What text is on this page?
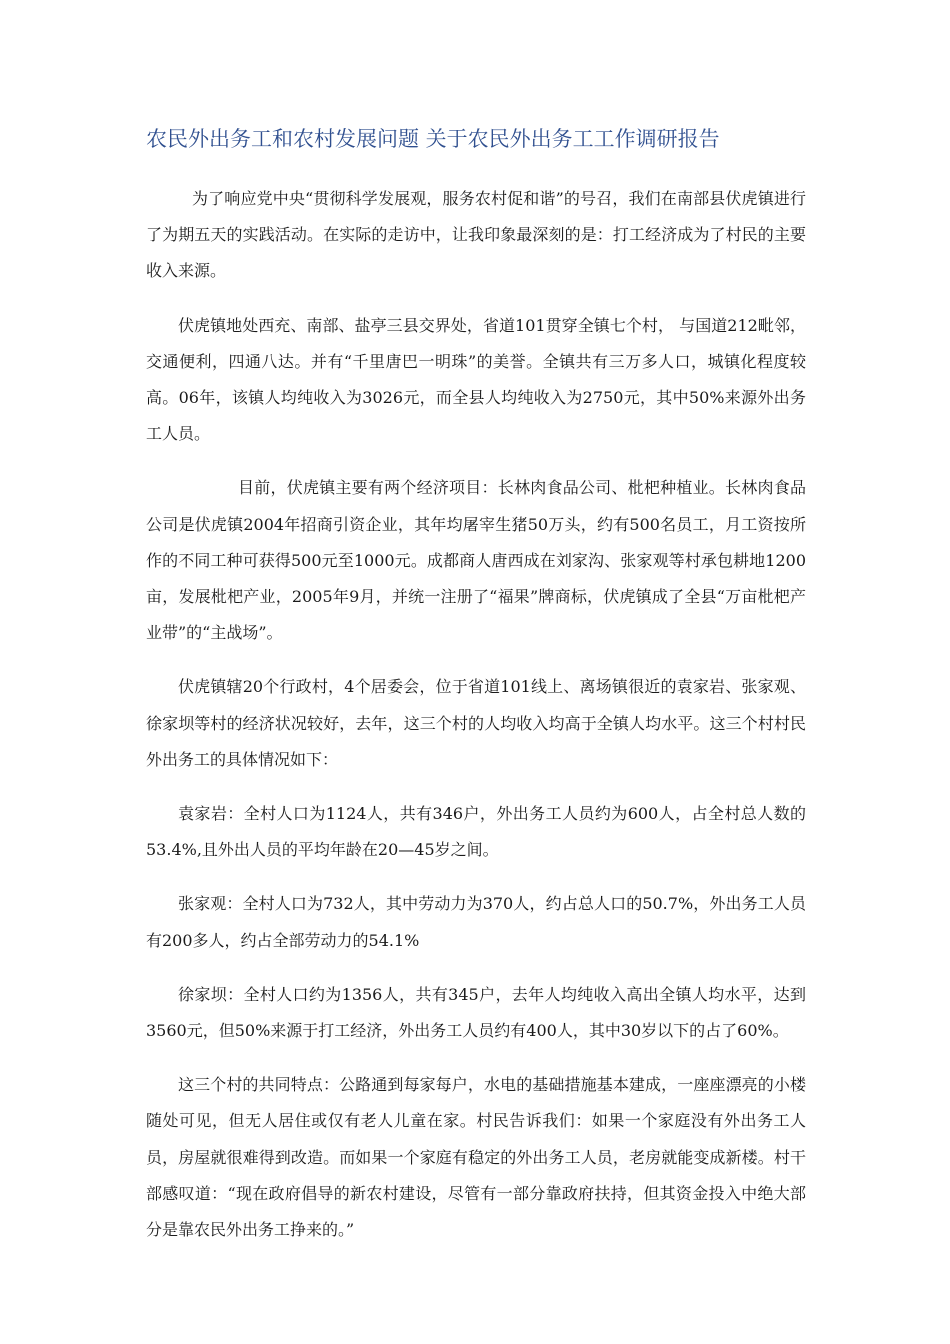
农民外出务工和农村发展问题 关于农民外出务工工作调研报告

为了响应党中央“贯彻科学发展观，服务农村促和谐”的号召，我们在南部县伏虎镇进行了为期五天的实践活动。在实际的走访中，让我印象最深刻的是：打工经济成为了村民的主要收入来源。

伏虎镇地处西充、南部、盐亭三县交界处，省道101贯穿全镇七个村， 与国道212毗邻，交通便利，四通八达。并有“千里唐巴一明珠”的美誉。全镇共有三万多人口，城镇化程度较高。06年，该镇人均纯收入为3026元，而全县人均纯收入为2750元，其中50%来源外出务工人员。

目前，伏虎镇主要有两个经济项目：长林肉食品公司、枇杷种植业。长林肉食品公司是伏虎镇2004年招商引资企业，其年均屠宰生猪50万头，约有500名员工，月工资按所作的不同工种可获得500元至1000元。成都商人唐西成在刘家沟、张家观等村承包耕地1200亩，发展枇杷产业，2005年9月，并统一注册了“福果”牌商标，伏虎镇成了全县“万亩枇杷产业带”的“主战场”。

伏虎镇辖20个行政村，4个居委会，位于省道101线上、离场镇很近的袁家岩、张家观、徐家坝等村的经济状况较好，去年，这三个村的人均收入均高于全镇人均水平。这三个村村民外出务工的具体情况如下：

袁家岩：全村人口为1124人，共有346户，外出务工人员约为600人，占全村总人数的53.4%,且外出人员的平均年龄在20—45岁之间。

张家观：全村人口为732人，其中劳动力为370人，约占总人口的50.7%，外出务工人员有200多人，约占全部劳动力的54.1%

徐家坝：全村人口约为1356人，共有345户，去年人均纯收入高出全镇人均水平，达到3560元，但50%来源于打工经济，外出务工人员约有400人，其中30岁以下的占了60%。

这三个村的共同特点：公路通到每家每户，水电的基础措施基本建成，一座座漂亮的小楼随处可见，但无人居住或仅有老人儿童在家。村民告诉我们：如果一个家庭没有外出务工人员，房屋就很难得到改造。而如果一个家庭有稳定的外出务工人员，老房就能变成新楼。村干部感叹道：“现在政府倡导的新农村建设，尽管有一部分靠政府扶持，但其资金投入中绝大部分是靠农民外出务工挣来的。”
